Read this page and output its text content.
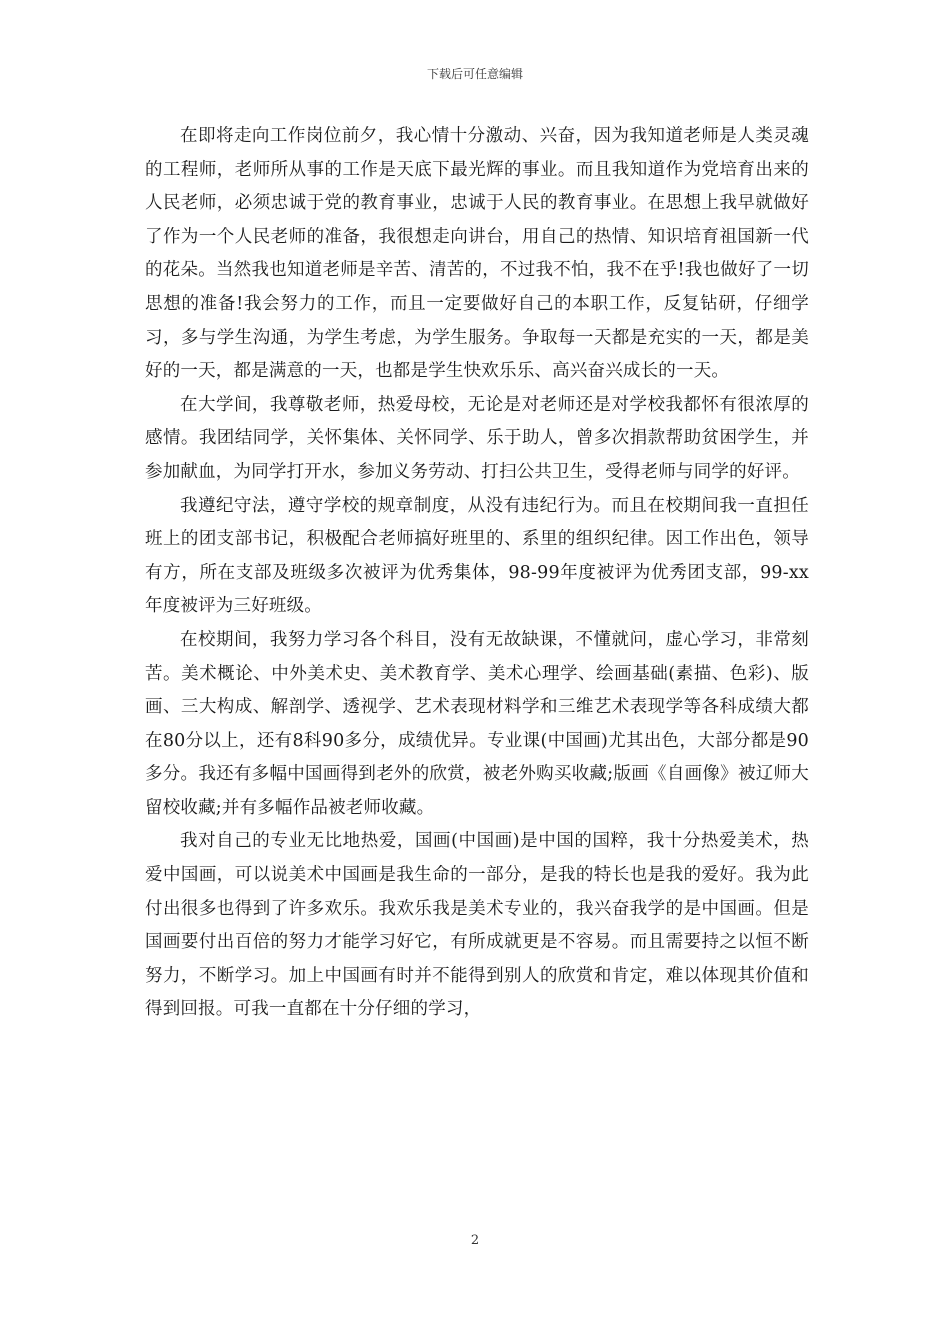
下载后可任意编辑

在即将走向工作岗位前夕，我心情十分激动、兴奋，因为我知道老师是人类灵魂的工程师，老师所从事的工作是天底下最光辉的事业。而且我知道作为党培育出来的人民老师，必须忠诚于党的教育事业，忠诚于人民的教育事业。在思想上我早就做好了作为一个人民老师的准备，我很想走向讲台，用自己的热情、知识培育祖国新一代的花朵。当然我也知道老师是辛苦、清苦的，不过我不怕，我不在乎!我也做好了一切思想的准备!我会努力的工作，而且一定要做好自己的本职工作，反复钻研，仔细学习，多与学生沟通，为学生考虑，为学生服务。争取每一天都是充实的一天，都是美好的一天，都是满意的一天，也都是学生快欢乐乐、高兴奋兴成长的一天。

在大学间，我尊敬老师，热爱母校，无论是对老师还是对学校我都怀有很浓厚的感情。我团结同学，关怀集体、关怀同学、乐于助人，曾多次捐款帮助贫困学生，并参加献血，为同学打开水，参加义务劳动、打扫公共卫生，受得老师与同学的好评。

我遵纪守法，遵守学校的规章制度，从没有违纪行为。而且在校期间我一直担任班上的团支部书记，积极配合老师搞好班里的、系里的组织纪律。因工作出色，领导有方，所在支部及班级多次被评为优秀集体，98-99年度被评为优秀团支部，99-xx年度被评为三好班级。

在校期间，我努力学习各个科目，没有无故缺课，不懂就问，虚心学习，非常刻苦。美术概论、中外美术史、美术教育学、美术心理学、绘画基础(素描、色彩)、版画、三大构成、解剖学、透视学、艺术表现材料学和三维艺术表现学等各科成绩大都在80分以上，还有8科90多分，成绩优异。专业课(中国画)尤其出色，大部分都是90多分。我还有多幅中国画得到老外的欣赏，被老外购买收藏;版画《自画像》被辽师大留校收藏;并有多幅作品被老师收藏。

我对自己的专业无比地热爱，国画(中国画)是中国的国粹，我十分热爱美术，热爱中国画，可以说美术中国画是我生命的一部分，是我的特长也是我的爱好。我为此付出很多也得到了许多欢乐。我欢乐我是美术专业的，我兴奋我学的是中国画。但是国画要付出百倍的努力才能学习好它，有所成就更是不容易。而且需要持之以恒不断努力，不断学习。加上中国画有时并不能得到别人的欣赏和肯定，难以体现其价值和得到回报。可我一直都在十分仔细的学习，

2
